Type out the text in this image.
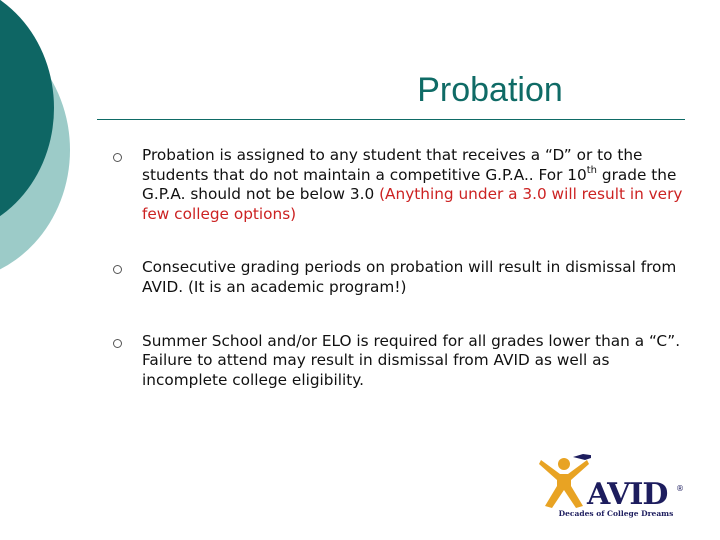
Probation
Probation is assigned to any student that receives a “D” or to the students that do not maintain a competitive G.P.A.. For 10th grade the G.P.A. should not be below 3.0 (Anything under a 3.0 will result in very few college options)
Consecutive grading periods on probation will result in dismissal from AVID. (It is an academic program!)
Summer School and/or ELO is required for all grades lower than a “C”. Failure to attend may result in dismissal from AVID as well as incomplete college eligibility.
AVID ®
Decades of College Dreams
